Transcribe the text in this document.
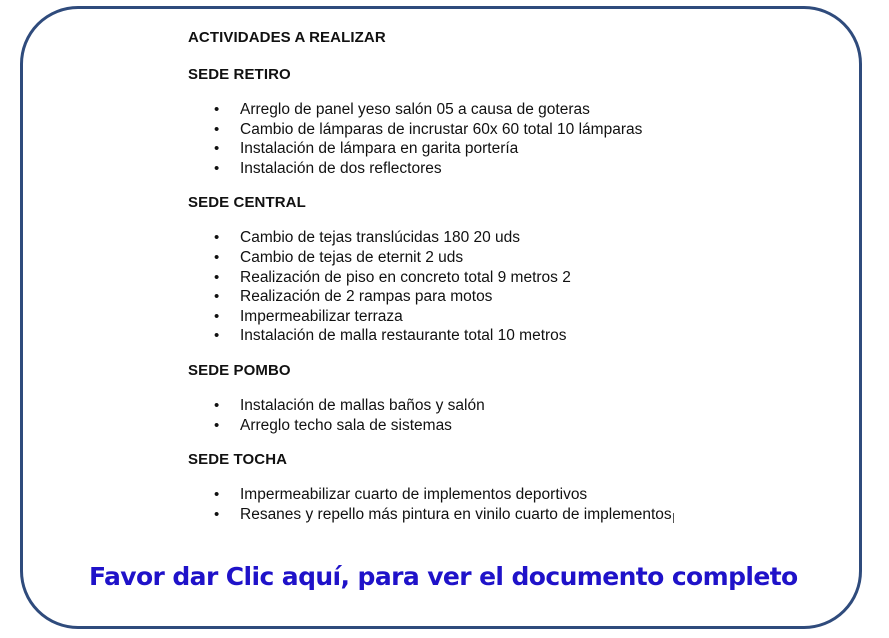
ACTIVIDADES A REALIZAR

SEDE RETIRO

• Arreglo de panel yeso salón 05 a causa de goteras
• Cambio de lámparas de incrustar 60x 60 total 10 lámparas
• Instalación de lámpara en garita portería
• Instalación de dos reflectores

SEDE CENTRAL

• Cambio de tejas translúcidas 180 20 uds
• Cambio de tejas de eternit 2 uds
• Realización de piso en concreto total 9 metros 2
• Realización de 2 rampas para motos
• Impermeabilizar terraza
• Instalación de malla restaurante total 10 metros

SEDE POMBO

• Instalación de mallas baños y salón
• Arreglo techo sala de sistemas

SEDE TOCHA

• Impermeabilizar cuarto de implementos deportivos
• Resanes y repello más pintura en vinilo cuarto de implementos
Favor dar Clic aquí, para ver el documento completo
